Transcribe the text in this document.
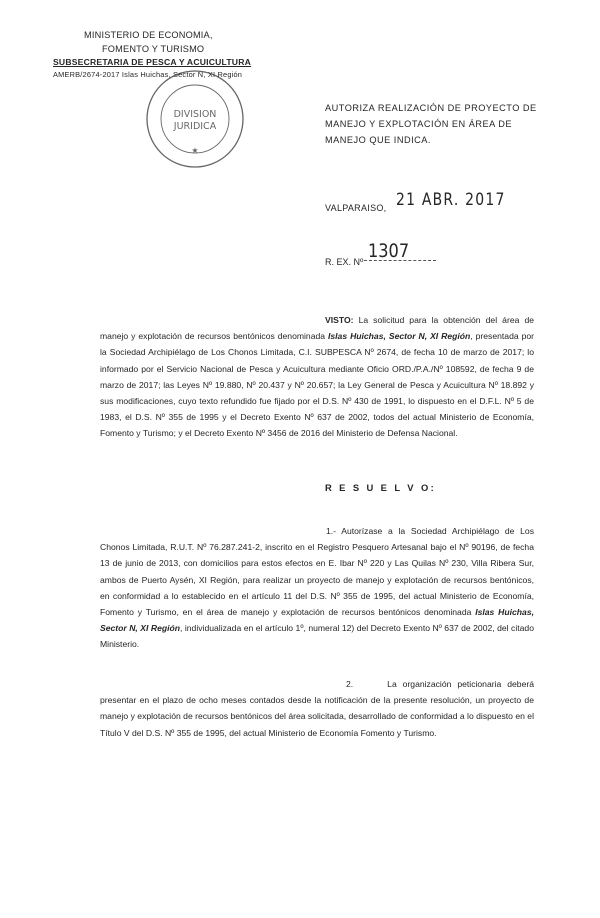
MINISTERIO DE ECONOMIA,
FOMENTO Y TURISMO
SUBSECRETARIA DE PESCA Y ACUICULTURA
AMERB/2674-2017 Islas Huichas, Sector N, XI Región
DIVISION
JURIDICA
★
AUTORIZA REALIZACIÓN DE PROYECTO DE MANEJO Y EXPLOTACIÓN EN ÁREA DE MANEJO QUE INDICA.
VALPARAISO, 21 ABR. 2017
R. EX. Nº 1307
VISTO: La solicitud para la obtención del área de manejo y explotación de recursos bentónicos denominada Islas Huichas, Sector N, XI Región, presentada por la Sociedad Archipiélago de Los Chonos Limitada, C.I. SUBPESCA Nº 2674, de fecha 10 de marzo de 2017; lo informado por el Servicio Nacional de Pesca y Acuicultura mediante Oficio ORD./P.A./Nº 108592, de fecha 9 de marzo de 2017; las Leyes Nº 19.880, Nº 20.437 y Nº 20.657; la Ley General de Pesca y Acuicultura Nº 18.892 y sus modificaciones, cuyo texto refundido fue fijado por el D.S. Nº 430 de 1991, lo dispuesto en el D.F.L. Nº 5 de 1983, el D.S. Nº 355 de 1995 y el Decreto Exento Nº 637 de 2002, todos del actual Ministerio de Economía, Fomento y Turismo; y el Decreto Exento Nº 3456 de 2016 del Ministerio de Defensa Nacional.
R E S U E L V O:
1.- Autorízase a la Sociedad Archipiélago de Los Chonos Limitada, R.U.T. Nº 76.287.241-2, inscrito en el Registro Pesquero Artesanal bajo el Nº 90196, de fecha 13 de junio de 2013, con domicilios para estos efectos en E. Ibar Nº 220 y Las Quilas Nº 230, Villa Ribera Sur, ambos de Puerto Aysén, XI Región, para realizar un proyecto de manejo y explotación de recursos bentónicos, en conformidad a lo establecido en el artículo 11 del D.S. Nº 355 de 1995, del actual Ministerio de Economía, Fomento y Turismo, en el área de manejo y explotación de recursos bentónicos denominada Islas Huichas, Sector N, XI Región, individualizada en el artículo 1º, numeral 12) del Decreto Exento Nº 637 de 2002, del citado Ministerio.
2.	La organización peticionaria deberá presentar en el plazo de ocho meses contados desde la notificación de la presente resolución, un proyecto de manejo y explotación de recursos bentónicos del área solicitada, desarrollado de conformidad a lo dispuesto en el Título V del D.S. Nº 355 de 1995, del actual Ministerio de Economía Fomento y Turismo.
